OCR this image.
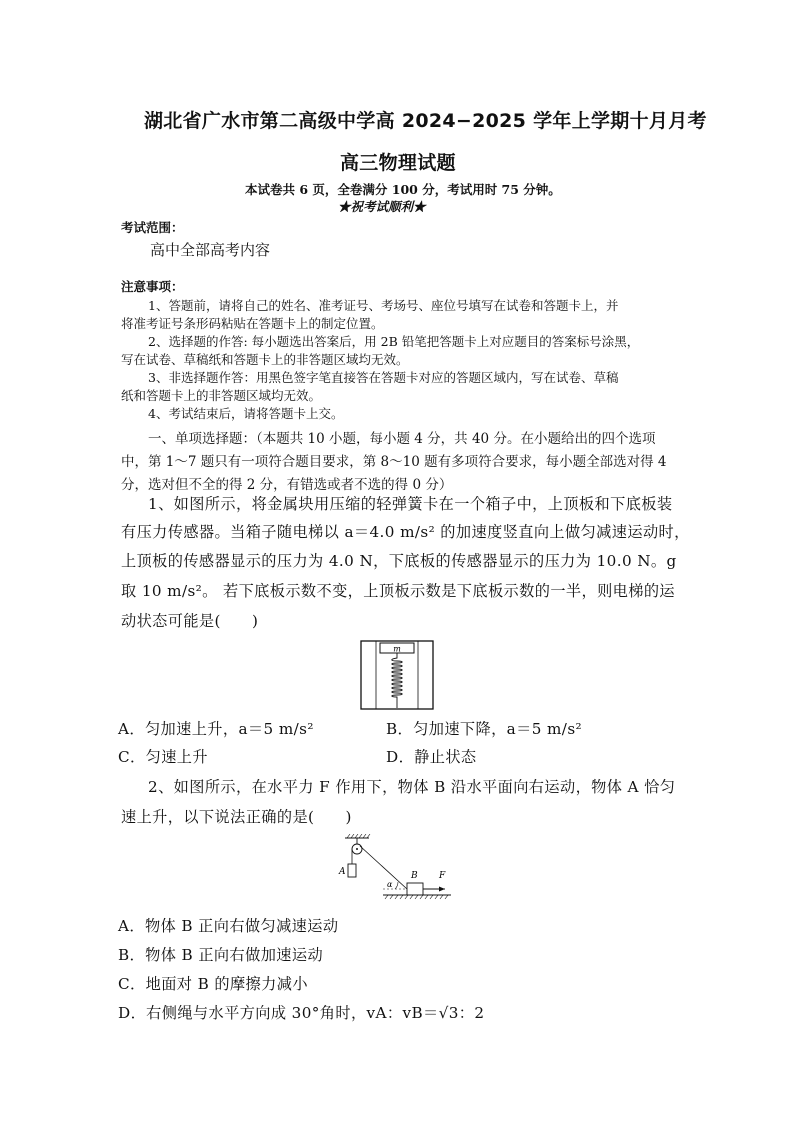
湖北省广水市第二高级中学高 2024−2025 学年上学期十月月考
高三物理试题
本试卷共 6 页，全卷满分 100 分，考试用时 75 分钟。
★祝考试顺利★
考试范围：
高中全部高考内容
注意事项：
1、答题前，请将自己的姓名、准考证号、考场号、座位号填写在试卷和答题卡上，并
将准考证号条形码粘贴在答题卡上的制定位置。
2、选择题的作答: 每小题选出答案后，用 2B 铅笔把答题卡上对应题目的答案标号涂黑，
写在试卷、草稿纸和答题卡上的非答题区域均无效。
3、非选择题作答：用黑色签字笔直接答在答题卡对应的答题区域内，写在试卷、草稿
纸和答题卡上的非答题区域均无效。
4、考试结束后，请将答题卡上交。
一、单项选择题：（本题共 10 小题，每小题 4 分，共 40 分。在小题给出的四个选项
中，第 1～7 题只有一项符合题目要求，第 8～10 题有多项符合要求，每小题全部选对得 4
分，选对但不全的得 2 分，有错选或者不选的得 0 分）
1、如图所示，将金属块用压缩的轻弹簧卡在一个箱子中，上顶板和下底板装
有压力传感器。当箱子随电梯以 a＝4.0 m/s² 的加速度竖直向上做匀减速运动时，
上顶板的传感器显示的压力为 4.0 N，下底板的传感器显示的压力为 10.0 N。g
取 10 m/s²。 若下底板示数不变，上顶板示数是下底板示数的一半，则电梯的运
动状态可能是(　　)
m
A．匀加速上升，a＝5 m/s²	B．匀加速下降，a＝5 m/s²
C．匀速上升	D．静止状态
2、如图所示，在水平力 F 作用下，物体 B 沿水平面向右运动，物体 A 恰匀
速上升，以下说法正确的是(　　)
A
α
B F
A．物体 B 正向右做匀减速运动
B．物体 B 正向右做加速运动
C．地面对 B 的摩擦力减小
D．右侧绳与水平方向成 30°角时，vA：vB＝√3：2
